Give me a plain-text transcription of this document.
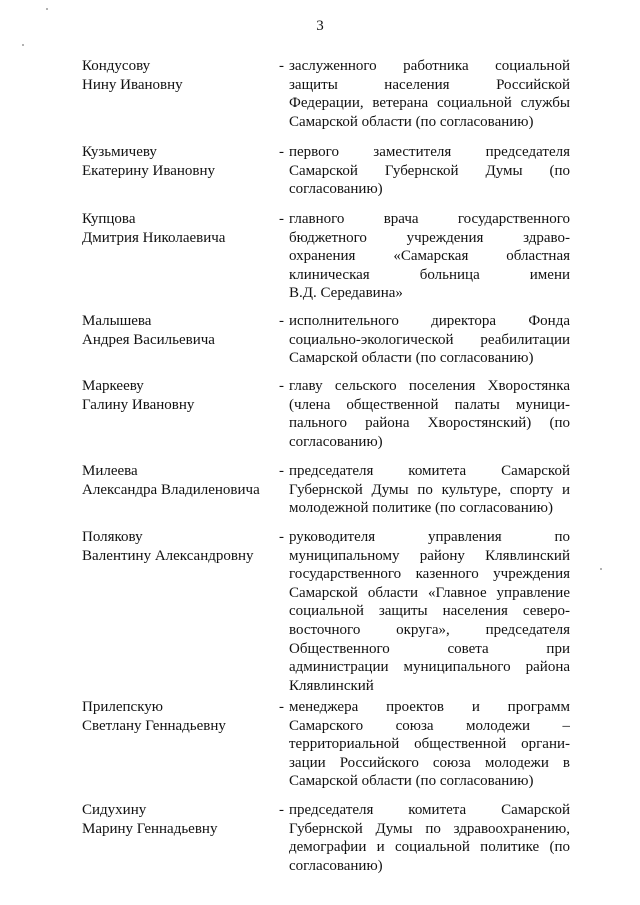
3
Кондусову
Нину Ивановну
- заслуженного работника социальной
защиты населения Российской
Федерации, ветерана социальной службы
Самарской области (по согласованию)
Кузьмичеву
Екатерину Ивановну
- первого заместителя председателя
Самарской Губернской Думы (по
согласованию)
Купцова
Дмитрия Николаевича
- главного врача государственного
бюджетного учреждения здраво-
охранения «Самарская областная
клиническая больница имени
В.Д. Середавина»
Малышева
Андрея Васильевича
- исполнительного директора Фонда
социально-экологической реабилитации
Самарской области (по согласованию)
Маркееву
Галину Ивановну
- главу сельского поселения Хворостянка
(члена общественной палаты муници-
пального района Хворостянский) (по
согласованию)
Милеева
Александра Владиленовича
- председателя комитета Самарской
Губернской Думы по культуре, спорту и
молодежной политике (по согласованию)
Полякову
Валентину Александровну
- руководителя управления по
муниципальному району Клявлинский
государственного казенного учреждения
Самарской области «Главное управление
социальной защиты населения северо-
восточного округа», председателя
Общественного совета при
администрации муниципального района
Клявлинский
Прилепскую
Светлану Геннадьевну
- менеджера проектов и программ
Самарского союза молодежи –
территориальной общественной органи-
зации Российского союза молодежи в
Самарской области (по согласованию)
Сидухину
Марину Геннадьевну
- председателя комитета Самарской
Губернской Думы по здравоохранению,
демографии и социальной политике (по
согласованию)
